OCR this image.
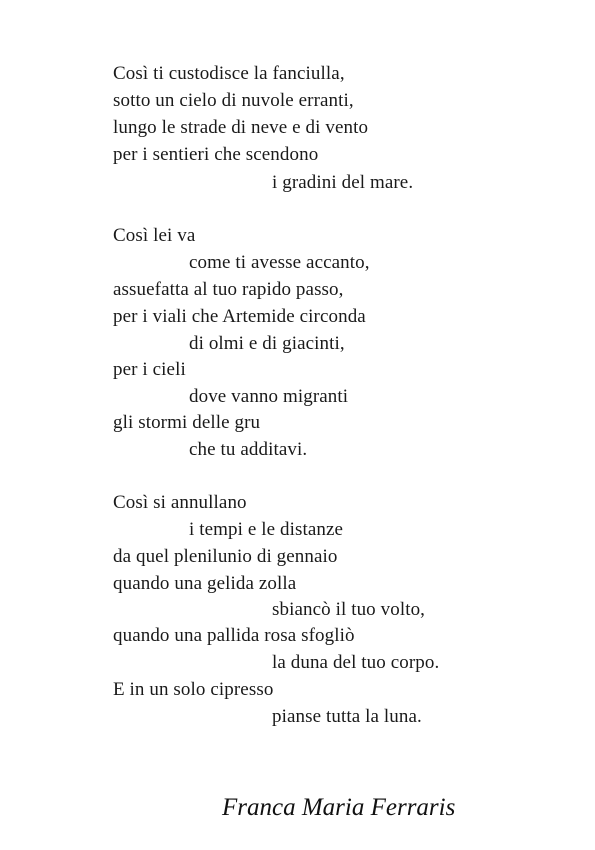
Così ti custodisce la fanciulla,
sotto un cielo di nuvole erranti,
lungo le strade di neve e di vento
per i sentieri che scendono
i gradini del mare.
Così lei va
come ti avesse accanto,
assuefatta al tuo rapido passo,
per i viali che Artemide circonda
di olmi e di giacinti,
per i cieli
dove vanno migranti
gli stormi delle gru
che tu additavi.
Così si annullano
i tempi e le distanze
da quel plenilunio di gennaio
quando una gelida zolla
sbiancò il tuo volto,
quando una pallida rosa sfogliò
la duna del tuo corpo.
E in un solo cipresso
pianse tutta la luna.
Franca Maria Ferraris
